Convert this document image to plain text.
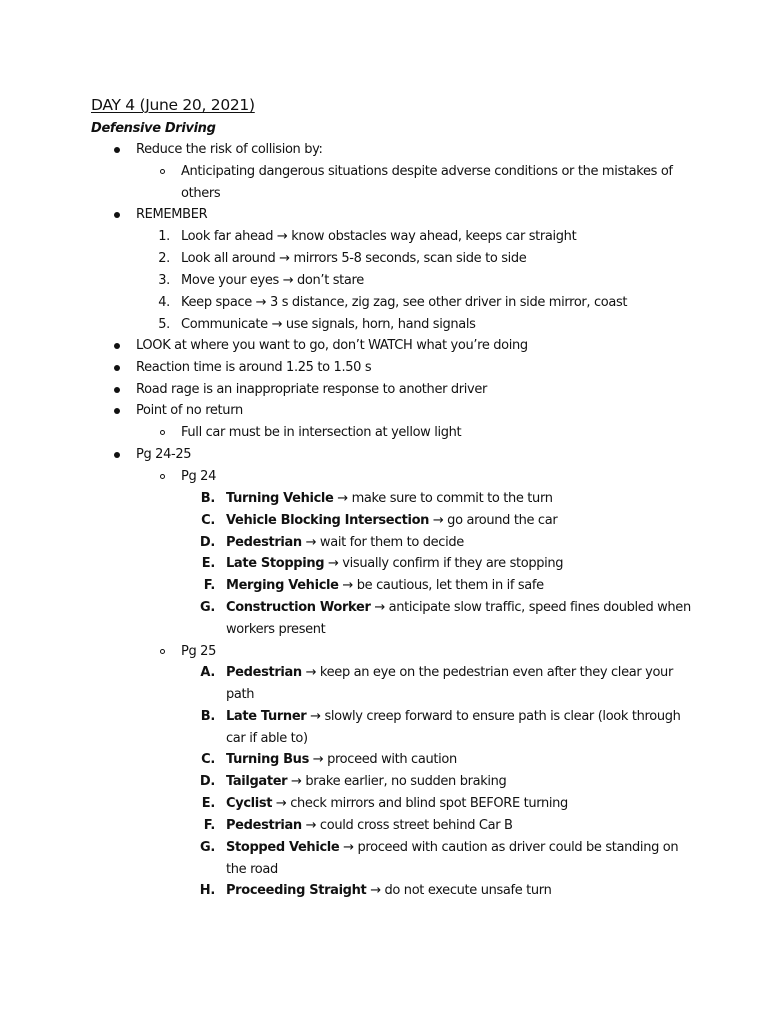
DAY 4 (June 20, 2021)
Defensive Driving
Reduce the risk of collision by:
Anticipating dangerous situations despite adverse conditions or the mistakes of
others
REMEMBER
1. Look far ahead → know obstacles way ahead, keeps car straight
2. Look all around → mirrors 5-8 seconds, scan side to side
3. Move your eyes → don’t stare
4. Keep space → 3 s distance, zig zag, see other driver in side mirror, coast
5. Communicate → use signals, horn, hand signals
LOOK at where you want to go, don’t WATCH what you’re doing
Reaction time is around 1.25 to 1.50 s
Road rage is an inappropriate response to another driver
Point of no return
Full car must be in intersection at yellow light
Pg 24-25
Pg 24
B. Turning Vehicle → make sure to commit to the turn
C. Vehicle Blocking Intersection → go around the car
D. Pedestrian → wait for them to decide
E. Late Stopping → visually confirm if they are stopping
F. Merging Vehicle → be cautious, let them in if safe
G. Construction Worker → anticipate slow traffic, speed fines doubled when
workers present
Pg 25
A. Pedestrian → keep an eye on the pedestrian even after they clear your
path
B. Late Turner → slowly creep forward to ensure path is clear (look through
car if able to)
C. Turning Bus → proceed with caution
D. Tailgater → brake earlier, no sudden braking
E. Cyclist → check mirrors and blind spot BEFORE turning
F. Pedestrian → could cross street behind Car B
G. Stopped Vehicle → proceed with caution as driver could be standing on
the road
H. Proceeding Straight → do not execute unsafe turn
